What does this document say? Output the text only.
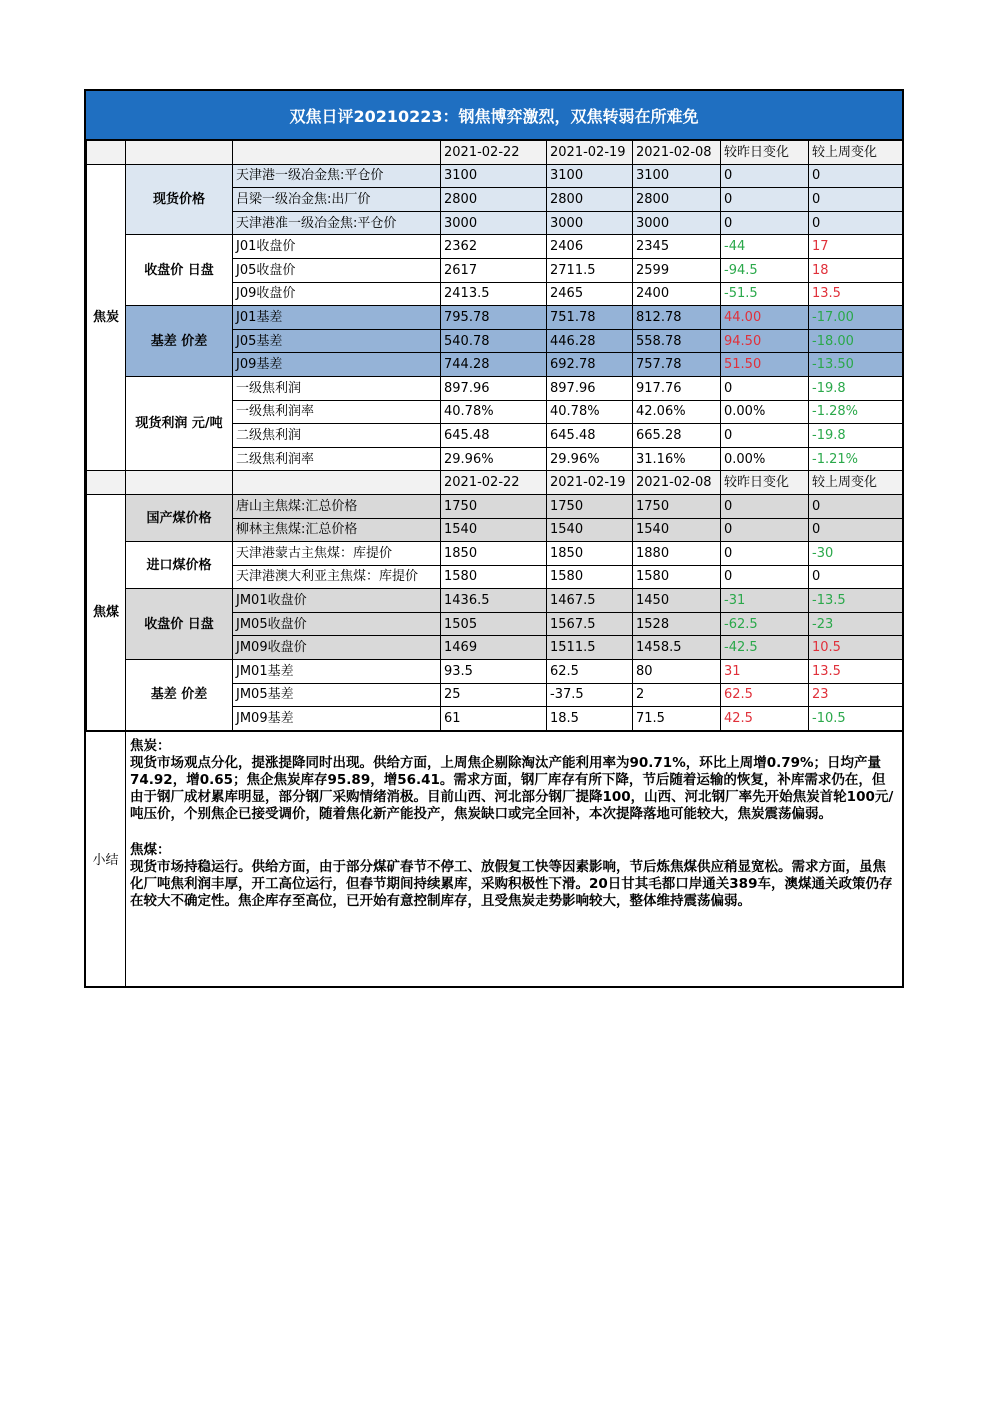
双焦日评20210223：钢焦博弈激烈，双焦转弱在所难免
			2021-02-22	2021-02-19	2021-02-08	较昨日变化	较上周变化
焦炭	现货价格	天津港一级冶金焦:平仓价	3100	3100	3100	0	0
		吕梁一级冶金焦:出厂价	2800	2800	2800	0	0
		天津港准一级冶金焦:平仓价	3000	3000	3000	0	0
	收盘价 日盘	J01收盘价	2362	2406	2345	-44	17
		J05收盘价	2617	2711.5	2599	-94.5	18
		J09收盘价	2413.5	2465	2400	-51.5	13.5
	基差 价差	J01基差	795.78	751.78	812.78	44.00	-17.00
		J05基差	540.78	446.28	558.78	94.50	-18.00
		J09基差	744.28	692.78	757.78	51.50	-13.50
	现货利润 元/吨	一级焦利润	897.96	897.96	917.76	0	-19.8
		一级焦利润率	40.78%	40.78%	42.06%	0.00%	-1.28%
		二级焦利润	645.48	645.48	665.28	0	-19.8
		二级焦利润率	29.96%	29.96%	31.16%	0.00%	-1.21%
			2021-02-22	2021-02-19	2021-02-08	较昨日变化	较上周变化
焦煤	国产煤价格	唐山主焦煤:汇总价格	1750	1750	1750	0	0
		柳林主焦煤:汇总价格	1540	1540	1540	0	0
	进口煤价格	天津港蒙古主焦煤：库提价	1850	1850	1880	0	-30
		天津港澳大利亚主焦煤：库提价	1580	1580	1580	0	0
	收盘价 日盘	JM01收盘价	1436.5	1467.5	1450	-31	-13.5
		JM05收盘价	1505	1567.5	1528	-62.5	-23
		JM09收盘价	1469	1511.5	1458.5	-42.5	10.5
	基差 价差	JM01基差	93.5	62.5	80	31	13.5
		JM05基差	25	-37.5	2	62.5	23
		JM09基差	61	18.5	71.5	42.5	-10.5
小结

焦炭：

现货市场观点分化，提涨提降同时出现。供给方面，上周焦企剔除淘汰产能利用率为90.71%，环比上周增0.79%；日均产量74.92，增0.65；焦企焦炭库存95.89，增56.41。需求方面，钢厂库存有所下降，节后随着运输的恢复，补库需求仍在，但由于钢厂成材累库明显，部分钢厂采购情绪消极。目前山西、河北部分钢厂提降100，山西、河北钢厂率先开始焦炭首轮100元/吨压价，个别焦企已接受调价，随着焦化新产能投产，焦炭缺口或完全回补，本次提降落地可能较大，焦炭震荡偏弱。

焦煤：

现货市场持稳运行。供给方面，由于部分煤矿春节不停工、放假复工快等因素影响，节后炼焦煤供应稍显宽松。需求方面，虽焦化厂吨焦利润丰厚，开工高位运行，但春节期间持续累库，采购积极性下滑。20日甘其毛都口岸通关389车，澳煤通关政策仍存在较大不确定性。焦企库存至高位，已开始有意控制库存，且受焦炭走势影响较大，整体维持震荡偏弱。
